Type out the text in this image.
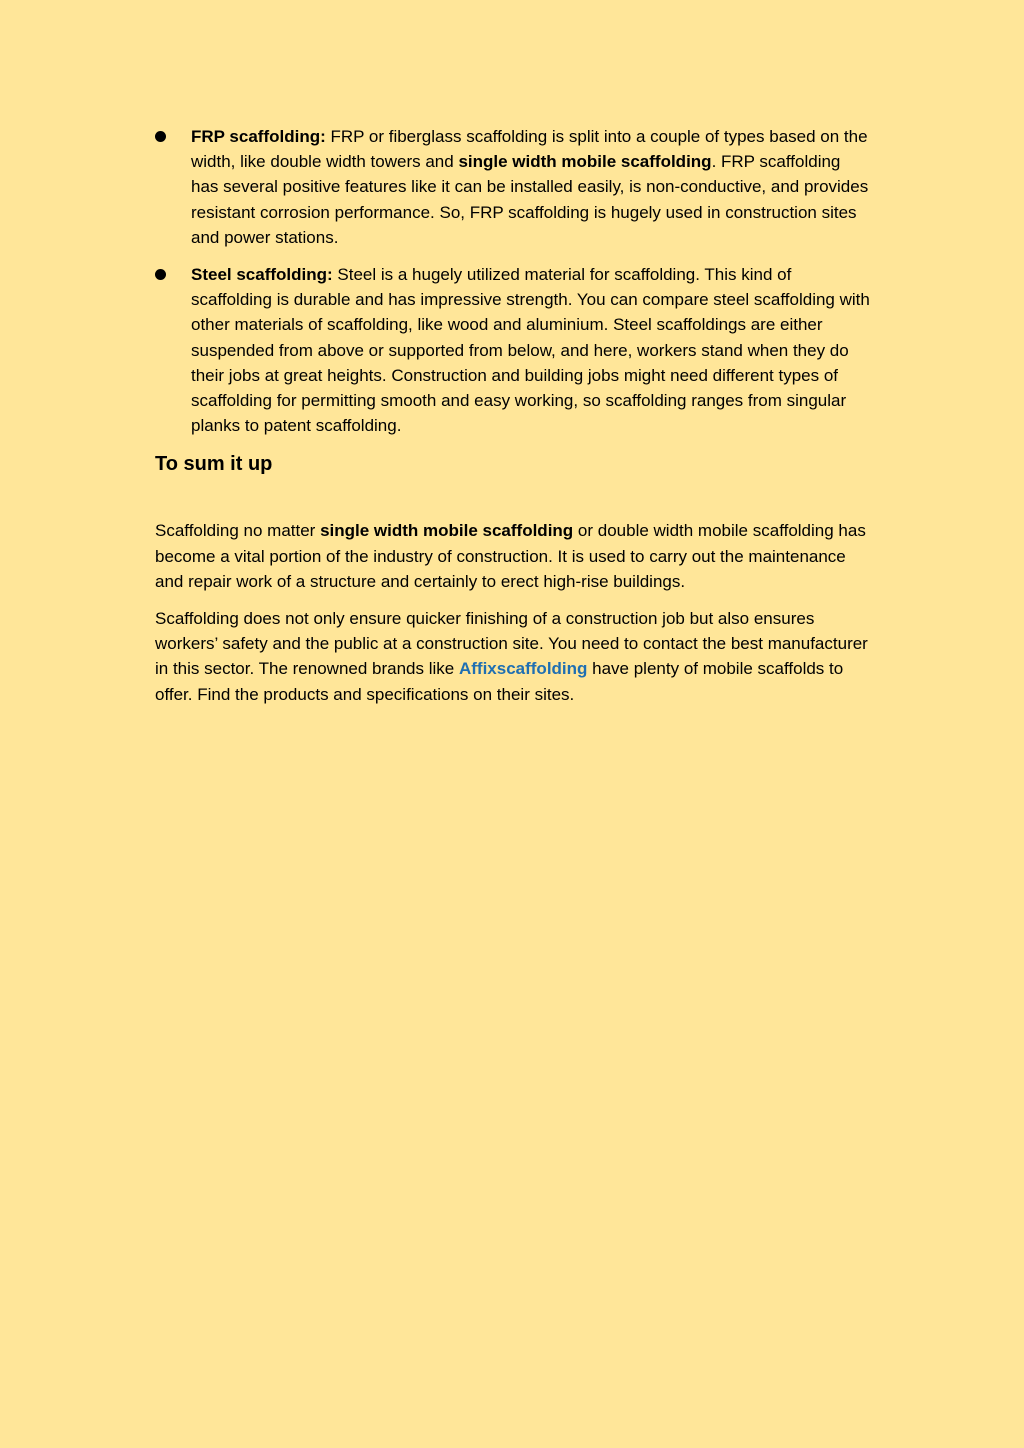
FRP scaffolding: FRP or fiberglass scaffolding is split into a couple of types based on the width, like double width towers and single width mobile scaffolding. FRP scaffolding has several positive features like it can be installed easily, is non-conductive, and provides resistant corrosion performance. So, FRP scaffolding is hugely used in construction sites and power stations.
Steel scaffolding: Steel is a hugely utilized material for scaffolding. This kind of scaffolding is durable and has impressive strength. You can compare steel scaffolding with other materials of scaffolding, like wood and aluminium. Steel scaffoldings are either suspended from above or supported from below, and here, workers stand when they do their jobs at great heights. Construction and building jobs might need different types of scaffolding for permitting smooth and easy working, so scaffolding ranges from singular planks to patent scaffolding.
To sum it up

Scaffolding no matter single width mobile scaffolding or double width mobile scaffolding has become a vital portion of the industry of construction. It is used to carry out the maintenance and repair work of a structure and certainly to erect high-rise buildings.

Scaffolding does not only ensure quicker finishing of a construction job but also ensures workers’ safety and the public at a construction site. You need to contact the best manufacturer in this sector. The renowned brands like Affixscaffolding have plenty of mobile scaffolds to offer. Find the products and specifications on their sites.
